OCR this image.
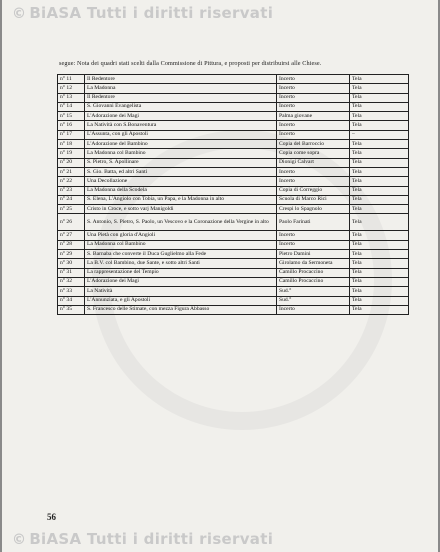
© BiASA Tutti i diritti riservati
segue: Nota dei quadri stati scelti dalla Commissione di Pittura, e proposti per distribuirsi alle Chiese.
n° 11	Il Redentore	Incerto	Tela
n° 12	La Madonna	Incerto	Tela
n° 13	Il Redentore	Incerto	Tela
n° 14	S. Giovanni Evangelista	Incerto	Tela
n° 15	L'Adorazione dei Magi	Palma giovane	Tela
n° 16	La Natività con S.Bonaventura	Incerto	Tela
n° 17	L'Assunta, con gli Apostoli	Incerto	–
n° 18	L'Adorazione del Bambino	Copia del Barroccio	Tela
n° 19	La Madonna col Bambino	Copia come sopra	Tela
n° 20	S. Pietro, S. Apollinare	Dionigi Calvart	Tela
n° 21	S. Gio. Batta, ed altri Santi	Incerto	Tela
n° 22	Una Decollazione	Incerto	Tela
n° 23	La Madonna della Scodela	Copia di Correggio	Tela
n° 24	S. Elena, L'Angiolo con Tobia, un Papa, e la Madonna in alto	Scuola di Marco Rici	Tela
n° 25	Cristo in Croce, e sotto varj Manigoldi	Crespi lo Spagnolo	Tela
n° 26	S. Antonio, S. Pietro, S. Paolo, un Vescovo e la Coronazione della Vergine in alto	Paolo Farinati	Tela
n° 27	Una Pietà con gloria d'Angioli	Incerto	Tela
n° 28	La Madonna col Bambino	Incerto	Tela
n° 29	S. Barnaba che converte il Duca Guglielmo alla Fede	Pietro Damini	Tela
n° 30	La B.V. col Bambino, due Sante, e sotto altri Santi	Girolamo da Sermoneta	Tela
n° 31	La rappresentazione del Tempio	Camillo Procaccino	Tela
n° 32	L'Adorazione dei Magi	Camillo Procaccino	Tela
n° 33	La Natività	Sud.°	Tela
n° 34	L'Annunziata, e gli Apostoli	Sud.°	Tela
n° 35	S. Francesco delle Stimate, con mezza Figura Abbasso	Incerto	Tela
56
© BiASA Tutti i diritti riservati
